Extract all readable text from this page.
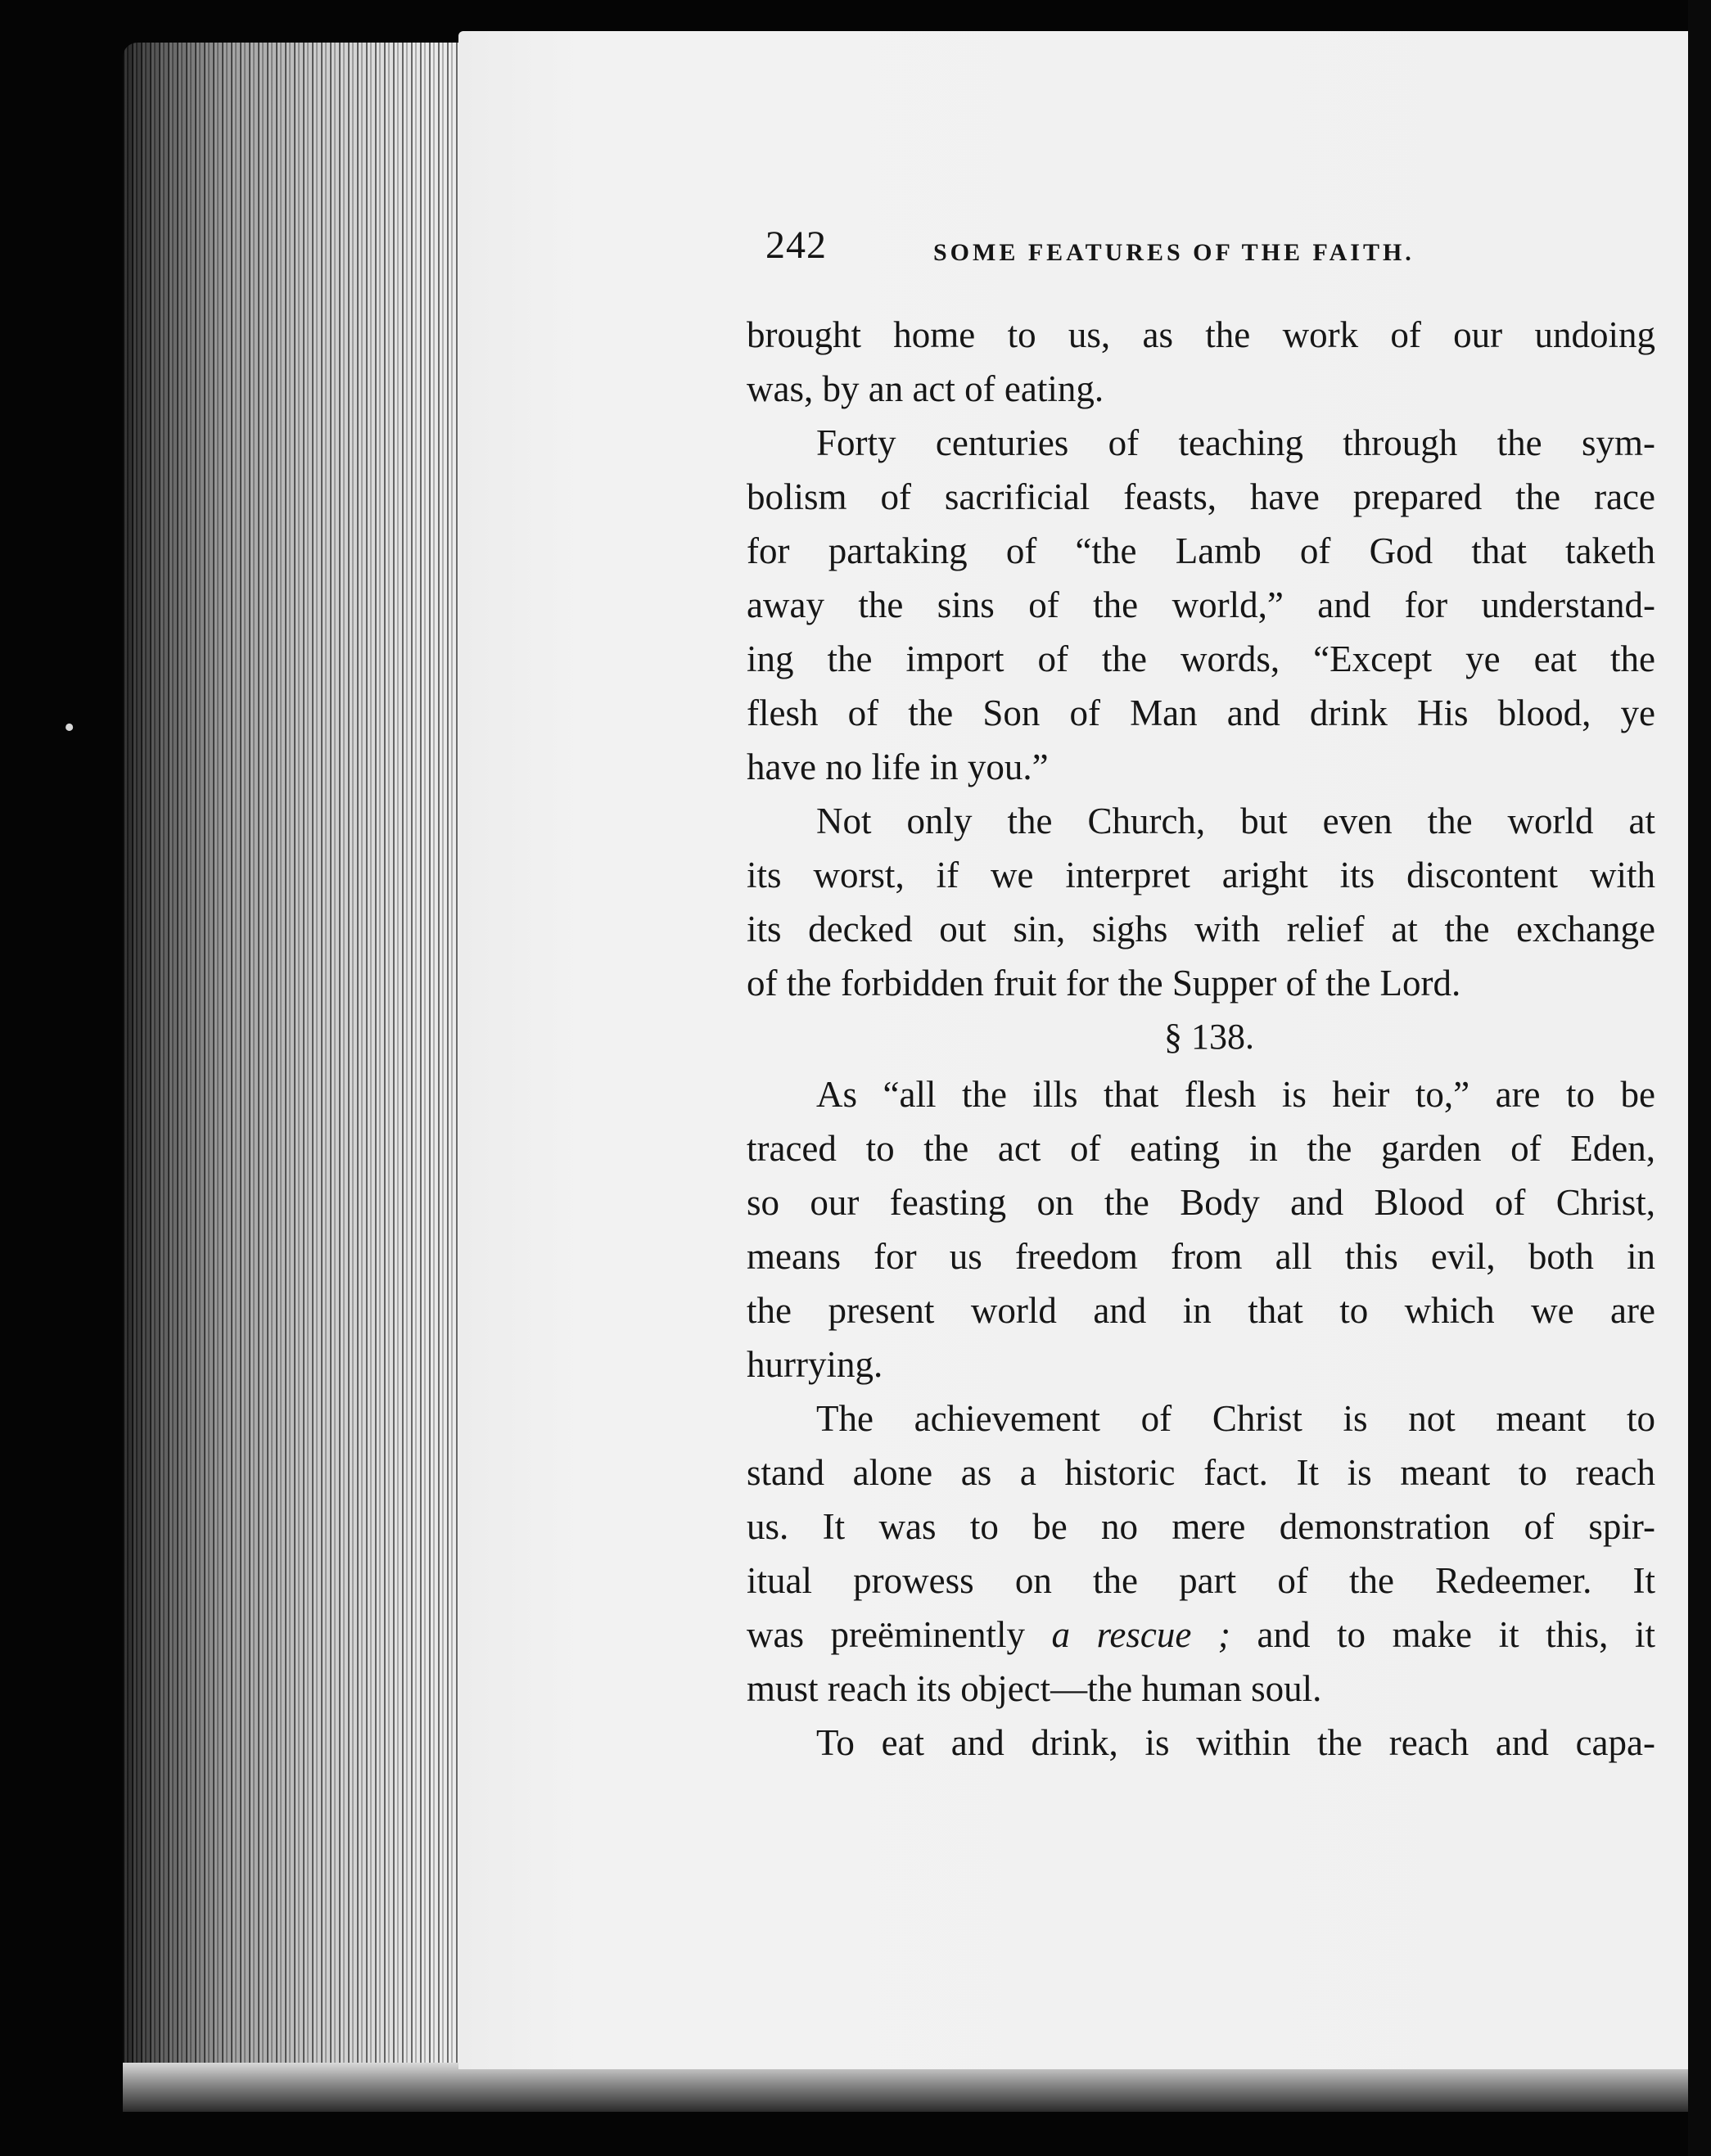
•
242	SOME FEATURES OF THE FAITH.
brought home to us, as the work of our undoing
was, by an act of eating.
Forty centuries of teaching through the sym-
bolism of sacrificial feasts, have prepared the race
for partaking of “the Lamb of God that taketh
away the sins of the world,” and for understand-
ing the import of the words, “Except ye eat the
flesh of the Son of Man and drink His blood, ye
have no life in you.”
Not only the Church, but even the world at
its worst, if we interpret aright its discontent with
its decked out sin, sighs with relief at the exchange
of the forbidden fruit for the Supper of the Lord.
§ 138.
As “all the ills that flesh is heir to,” are to be
traced to the act of eating in the garden of Eden,
so our feasting on the Body and Blood of Christ,
means for us freedom from all this evil, both in
the present world and in that to which we are
hurrying.
The achievement of Christ is not meant to
stand alone as a historic fact. It is meant to reach
us. It was to be no mere demonstration of spir-
itual prowess on the part of the Redeemer. It
was preëminently a rescue ; and to make it this, it
must reach its object—the human soul.
To eat and drink, is within the reach and capa-
